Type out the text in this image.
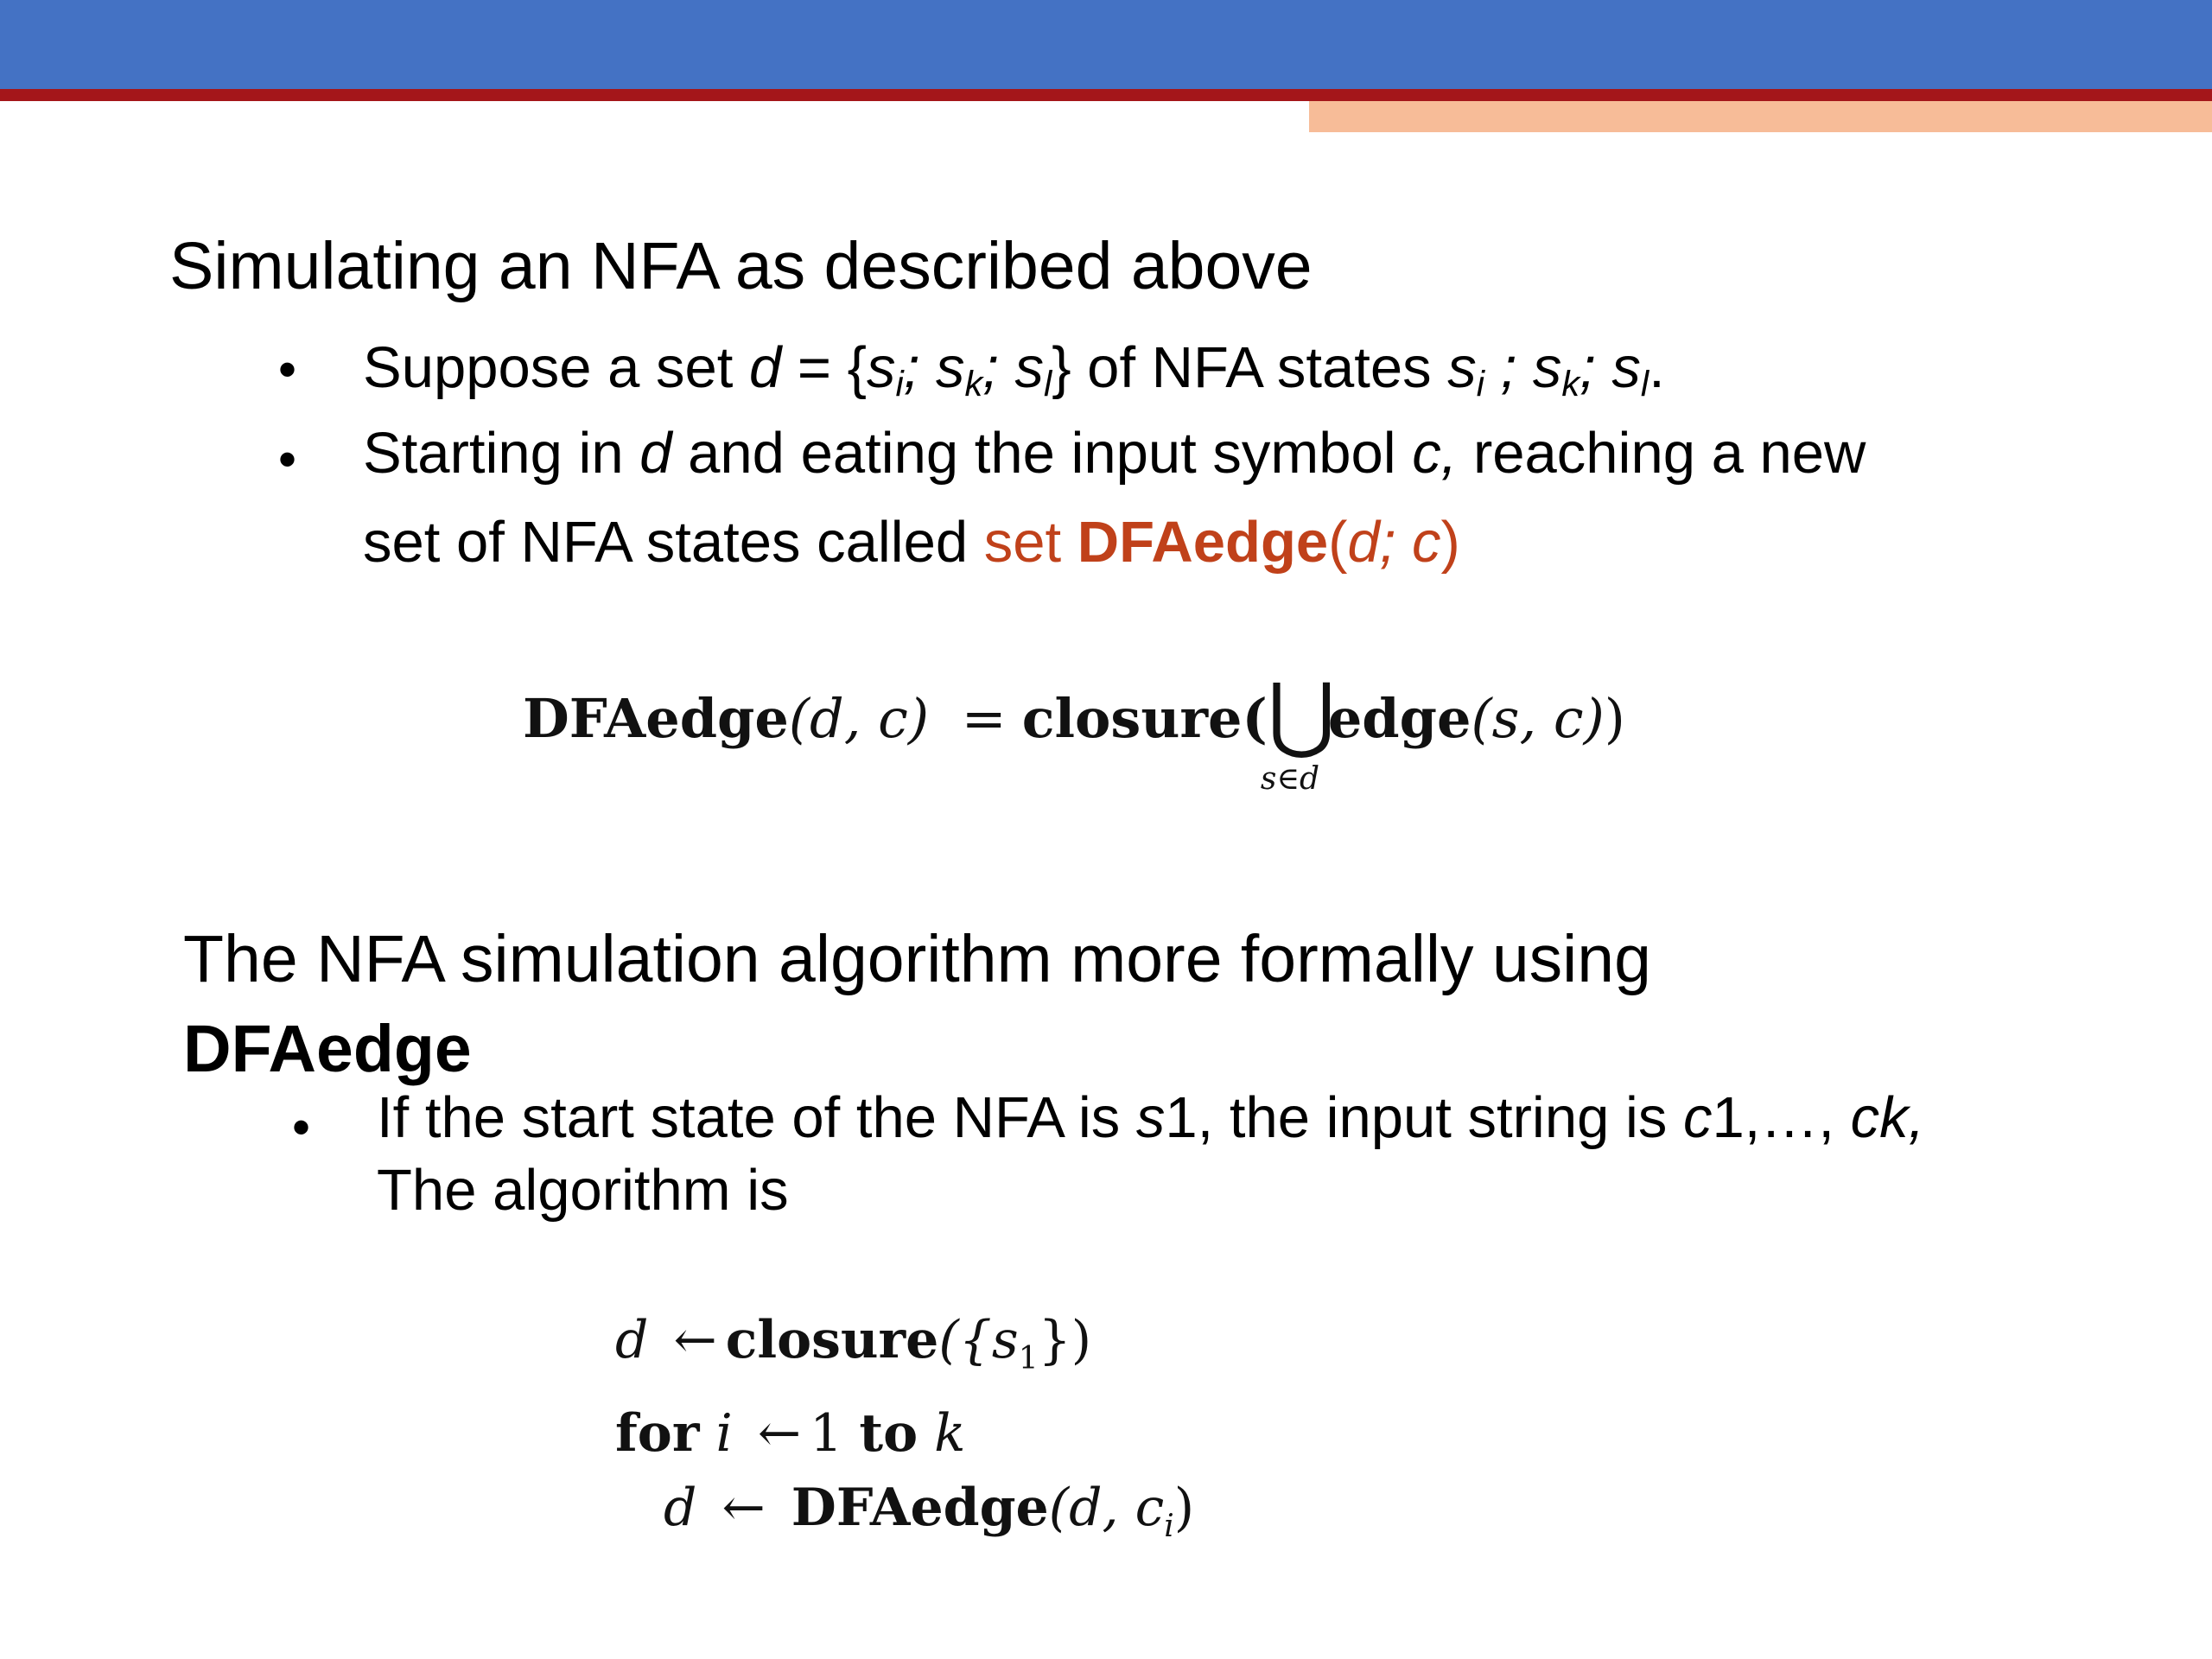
Simulating an NFA as described above
• Suppose a set $d = \{s_i$; $s_k$; $s_l$} of NFA states $s_i$ ; $s_k$; $s_l$.
• Starting in d and eating the input symbol c, reaching a new
set of NFA states called set DFAedge(d; c)
DFAedge(d, c) = closure(⋃
s∈d
edge(s, c))
The NFA simulation algorithm more formally using
DFAedge
• If the start state of the NFA is s1, the input string is c1,…, ck,
The algorithm is
d ← $closure(\{s_1\})$
for i ← 1 to k
d ← DFAedge(d, $c_i$)
